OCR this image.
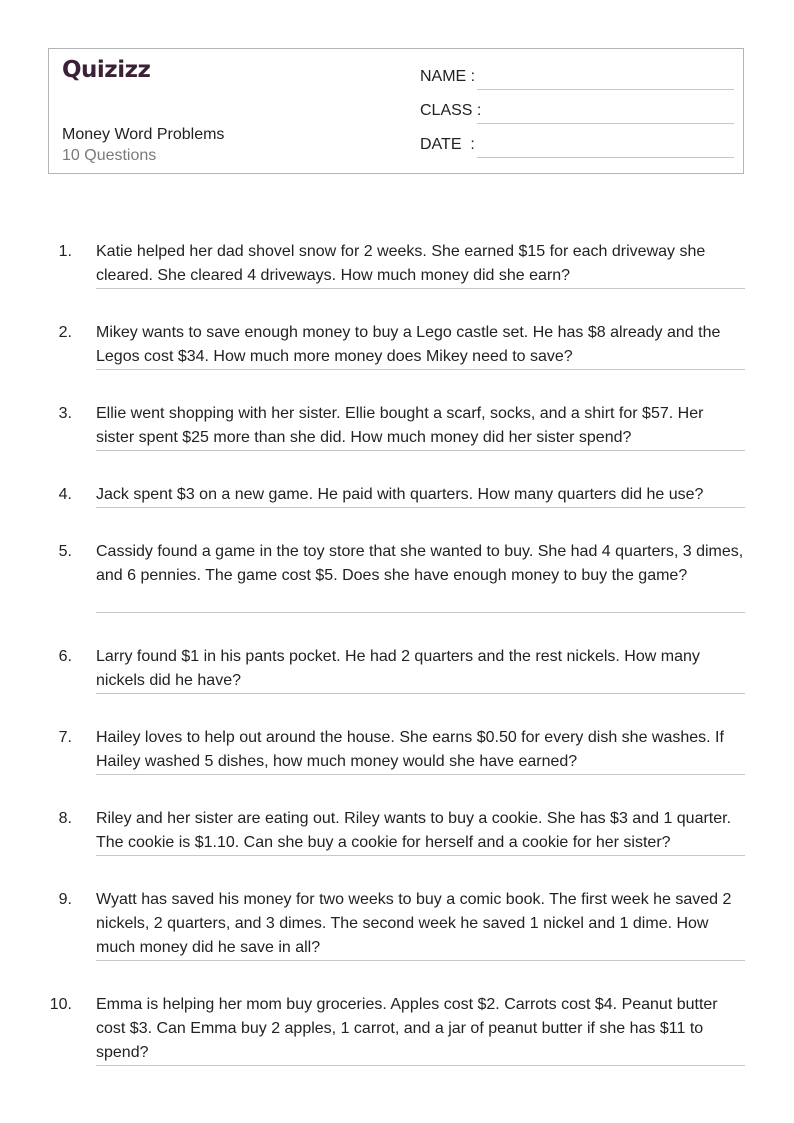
Quizizz
Money Word Problems
10 Questions
NAME :
CLASS :
DATE  :
1. Katie helped her dad shovel snow for 2 weeks. She earned $15 for each driveway she cleared. She cleared 4 driveways. How much money did she earn?
2. Mikey wants to save enough money to buy a Lego castle set. He has $8 already and the Legos cost $34. How much more money does Mikey need to save?
3. Ellie went shopping with her sister. Ellie bought a scarf, socks, and a shirt for $57. Her sister spent $25 more than she did. How much money did her sister spend?
4. Jack spent $3 on a new game. He paid with quarters. How many quarters did he use?
5. Cassidy found a game in the toy store that she wanted to buy. She had 4 quarters, 3 dimes, and 6 pennies. The game cost $5. Does she have enough money to buy the game?
6. Larry found $1 in his pants pocket. He had 2 quarters and the rest nickels. How many nickels did he have?
7. Hailey loves to help out around the house. She earns $0.50 for every dish she washes. If Hailey washed 5 dishes, how much money would she have earned?
8. Riley and her sister are eating out. Riley wants to buy a cookie. She has $3 and 1 quarter. The cookie is $1.10. Can she buy a cookie for herself and a cookie for her sister?
9. Wyatt has saved his money for two weeks to buy a comic book. The first week he saved 2 nickels, 2 quarters, and 3 dimes. The second week he saved 1 nickel and 1 dime. How much money did he save in all?
10. Emma is helping her mom buy groceries. Apples cost $2. Carrots cost $4. Peanut butter cost $3. Can Emma buy 2 apples, 1 carrot, and a jar of peanut butter if she has $11 to spend?
